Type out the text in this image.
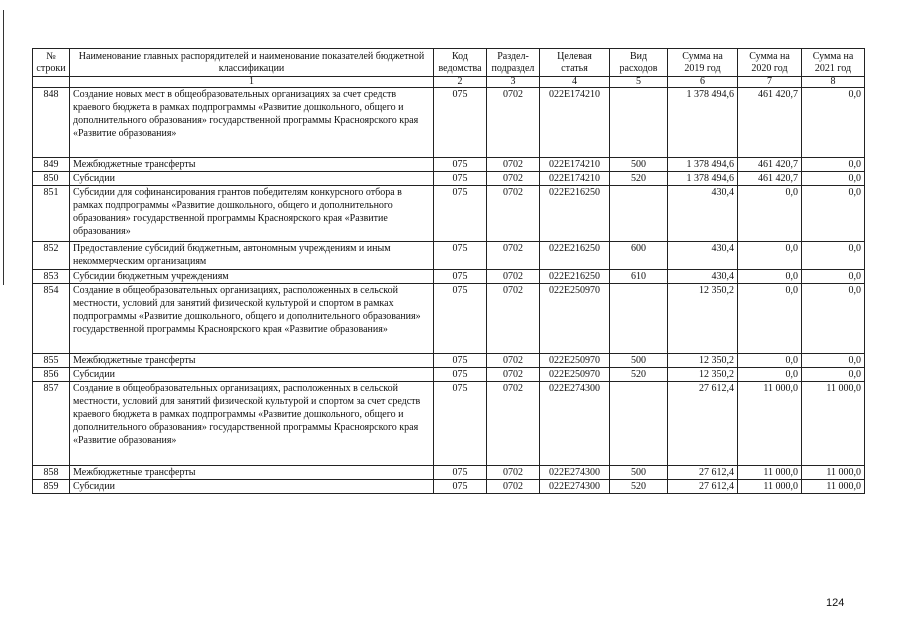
№ строки	Наименование главных распорядителей и наименование показателей бюджетной классификации	Код ведомства	Раздел-подраздел	Целевая статья	Вид расходов	Сумма на 2019 год	Сумма на 2020 год	Сумма на 2021 год
	1	2	3	4	5	6	7	8
848	Создание новых мест в общеобразовательных организациях за счет средств краевого бюджета в рамках подпрограммы «Развитие дошкольного, общего и дополнительного образования» государственной программы Красноярского края «Развитие образования»	075	0702	022E174210		1 378 494,6	461 420,7	0,0
849	Межбюджетные трансферты	075	0702	022E174210	500	1 378 494,6	461 420,7	0,0
850	Субсидии	075	0702	022E174210	520	1 378 494,6	461 420,7	0,0
851	Субсидии для софинансирования грантов победителям конкурсного отбора в рамках подпрограммы «Развитие дошкольного, общего и дополнительного образования» государственной программы Красноярского края «Развитие образования»	075	0702	022E216250		430,4	0,0	0,0
852	Предоставление субсидий бюджетным, автономным учреждениям и иным некоммерческим организациям	075	0702	022E216250	600	430,4	0,0	0,0
853	Субсидии бюджетным учреждениям	075	0702	022E216250	610	430,4	0,0	0,0
854	Создание в общеобразовательных организациях, расположенных в сельской местности, условий для занятий физической культурой и спортом в рамках подпрограммы «Развитие дошкольного, общего и дополнительного образования» государственной программы Красноярского края «Развитие образования»	075	0702	022E250970		12 350,2	0,0	0,0
855	Межбюджетные трансферты	075	0702	022E250970	500	12 350,2	0,0	0,0
856	Субсидии	075	0702	022E250970	520	12 350,2	0,0	0,0
857	Создание в общеобразовательных организациях, расположенных в сельской местности, условий для занятий физической культурой и спортом за счет средств краевого бюджета в рамках подпрограммы «Развитие дошкольного, общего и дополнительного образования» государственной программы Красноярского края «Развитие образования»	075	0702	022E274300		27 612,4	11 000,0	11 000,0
858	Межбюджетные трансферты	075	0702	022E274300	500	27 612,4	11 000,0	11 000,0
859	Субсидии	075	0702	022E274300	520	27 612,4	11 000,0	11 000,0
124
